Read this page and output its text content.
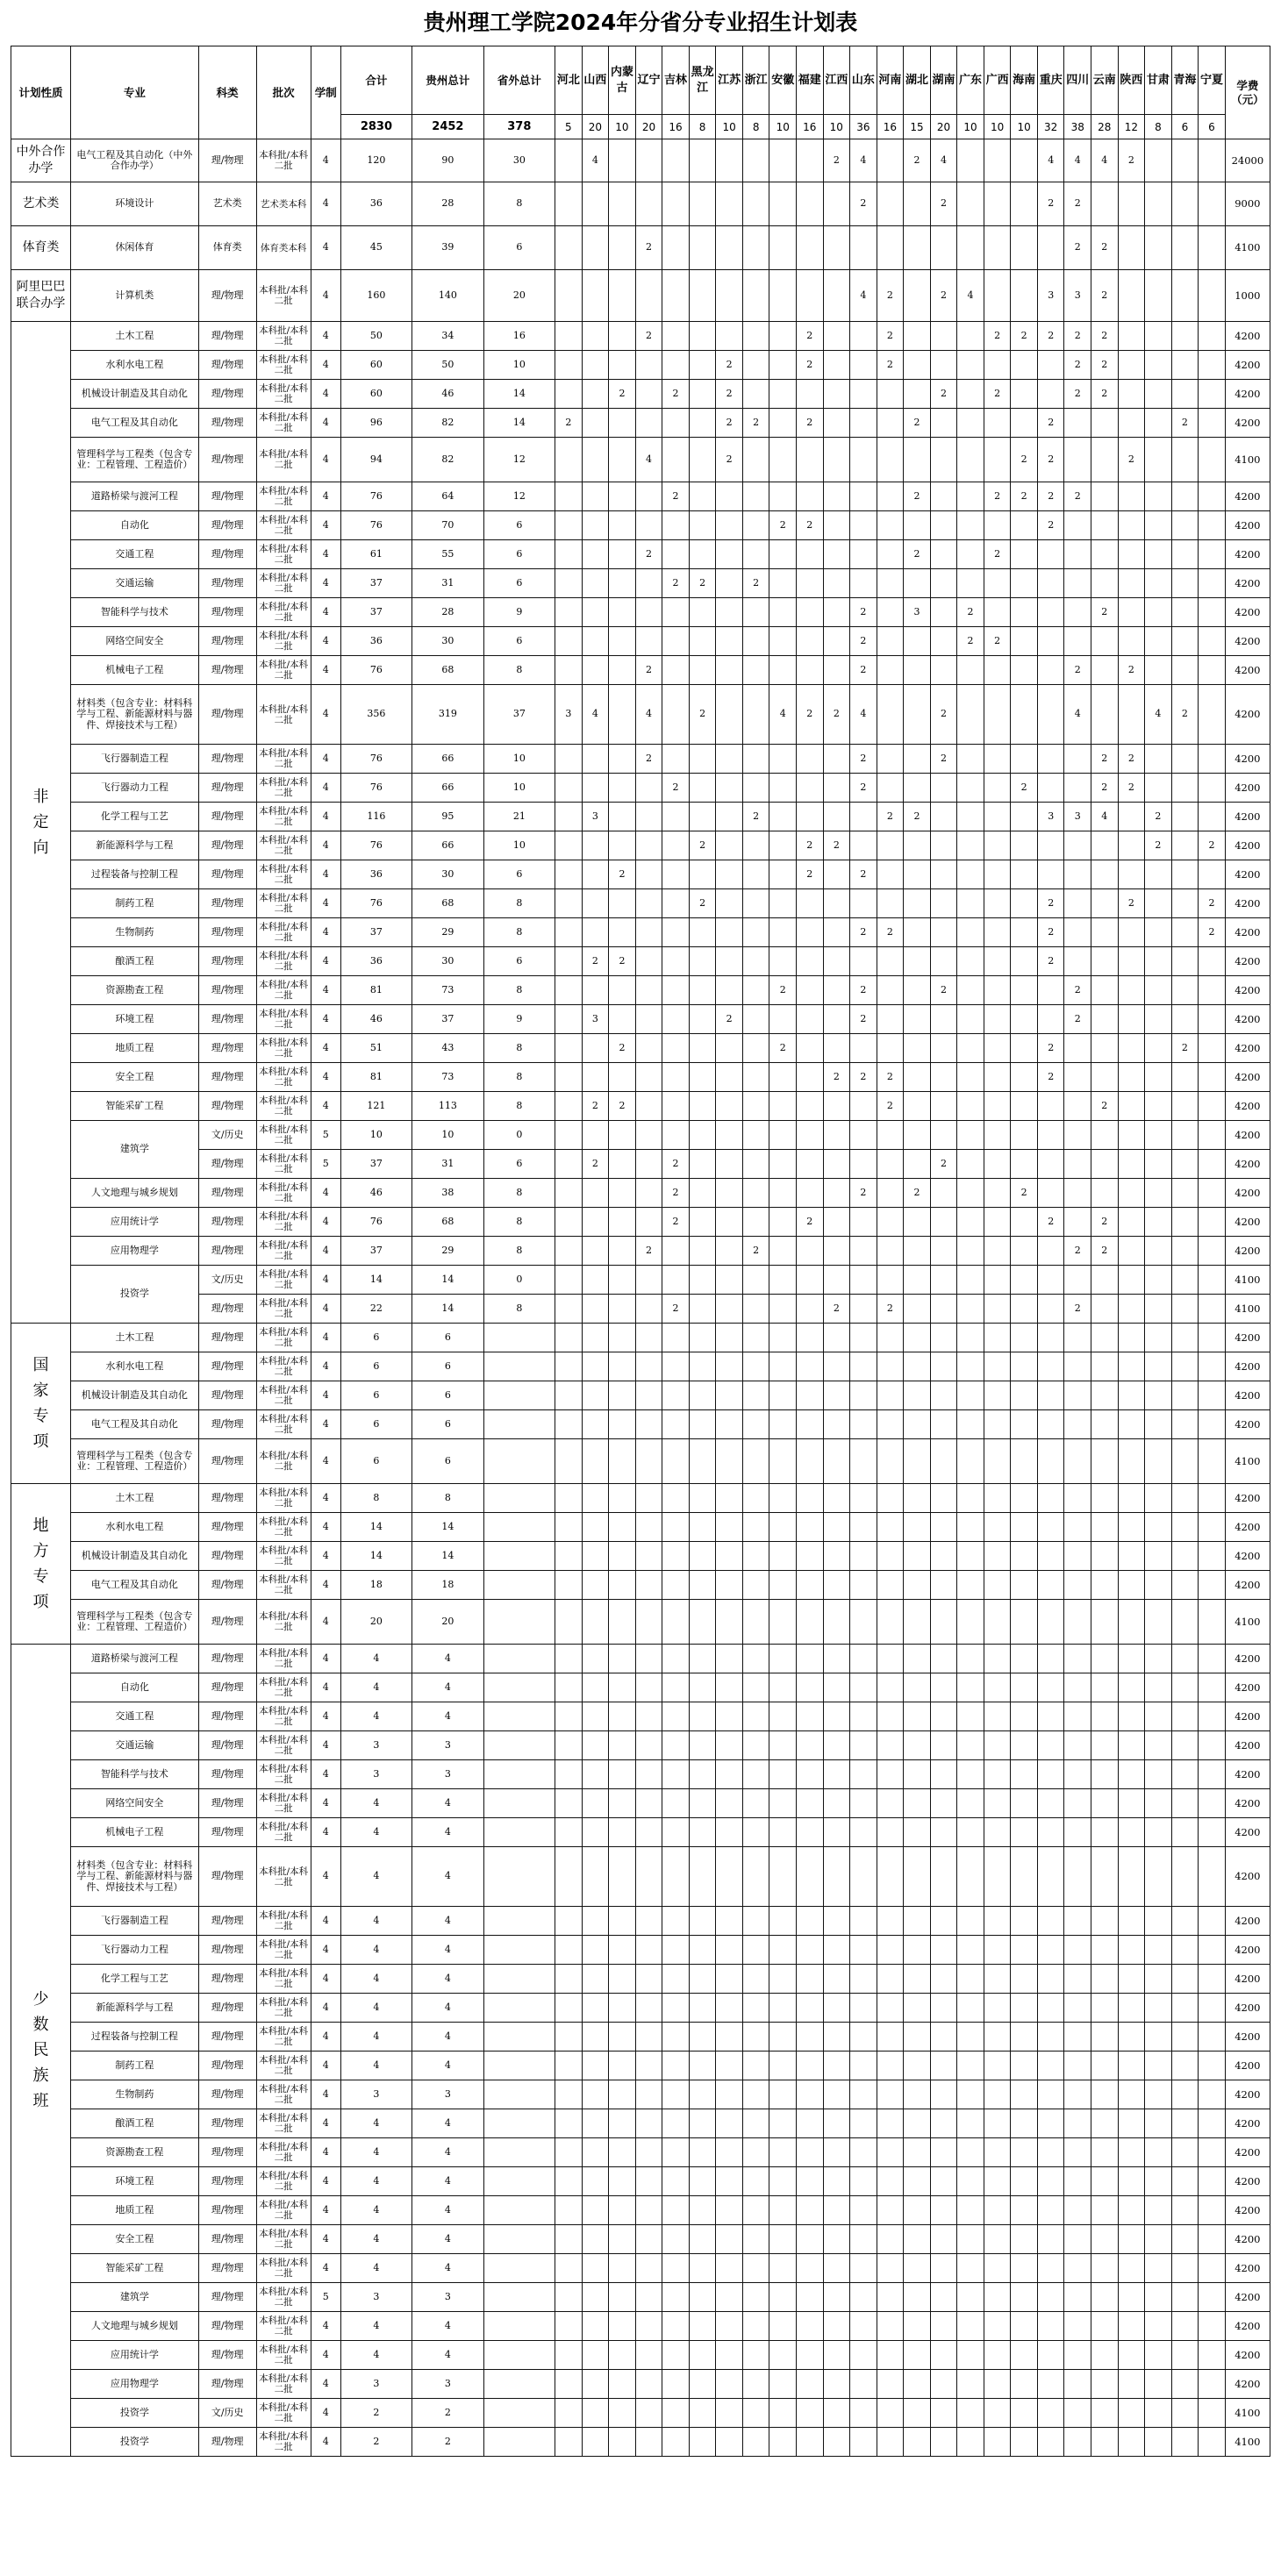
贵州理工学院2024年分省分专业招生计划表
计划性质	专业	科类	批次	学制	合计	贵州总计	省外总计	河北	山西	内蒙古	辽宁	吉林	黑龙江	江苏	浙江	安徽	福建	江西	山东	河南	湖北	湖南	广东	广西	海南	重庆	四川	云南	陕西	甘肃	青海	宁夏	学费（元）
					2830	2452	378	5	20	10	20	16	8	10	8	10	16	10	36	16	15	20	10	10	10	32	38	28	12	8	6	6	
中外合作办学	电气工程及其自动化（中外合作办学）	理/物理	本科批/本科二批	4	120	90	30		4									2	4		2	4				4	4	4	2				24000
艺术类	环境设计	艺术类	艺术类本科	4	36	28	8												2			2				2	2						9000
体育类	休闲体育	体育类	体育类本科	4	45	39	6				2																2	2					4100
阿里巴巴联合办学	计算机类	理/物理	本科批/本科二批	4	160	140	20												4	2		2	4			3	3	2					1000
非定向	土木工程	理/物理	本科批/本科二批	4	50	34	16				2						2			2				2	2	2	2	2					4200
	水利水电工程	理/物理	本科批/本科二批	4	60	50	10							2			2			2							2	2					4200
	机械设计制造及其自动化	理/物理	本科批/本科二批	4	60	46	14			2		2		2								2		2			2	2					4200
	电气工程及其自动化	理/物理	本科批/本科二批	4	96	82	14	2						2	2		2				2					2					2		4200
	管理科学与工程类（包含专业：工程管理、工程造价）	理/物理	本科批/本科二批	4	94	82	12				4			2											2	2			2				4100
	道路桥梁与渡河工程	理/物理	本科批/本科二批	4	76	64	12					2									2			2	2	2	2						4200
	自动化	理/物理	本科批/本科二批	4	76	70	6									2	2									2							4200
	交通工程	理/物理	本科批/本科二批	4	61	55	6				2										2			2									4200
	交通运输	理/物理	本科批/本科二批	4	37	31	6					2	2		2																		4200
	智能科学与技术	理/物理	本科批/本科二批	4	37	28	9												2		3		2					2					4200
	网络空间安全	理/物理	本科批/本科二批	4	36	30	6												2				2	2									4200
	机械电子工程	理/物理	本科批/本科二批	4	76	68	8				2								2								2		2				4200
	材料类（包含专业：材料科学与工程、新能源材料与器件、焊接技术与工程）	理/物理	本科批/本科二批	4	356	319	37	3	4		4		2			4	2	2	4			2					4			4	2		4200
	飞行器制造工程	理/物理	本科批/本科二批	4	76	66	10				2								2			2						2	2				4200
	飞行器动力工程	理/物理	本科批/本科二批	4	76	66	10					2							2						2			2	2				4200
	化学工程与工艺	理/物理	本科批/本科二批	4	116	95	21		3						2					2	2					3	3	4		2			4200
	新能源科学与工程	理/物理	本科批/本科二批	4	76	66	10						2				2	2												2		2	4200
	过程装备与控制工程	理/物理	本科批/本科二批	4	36	30	6			2							2		2														4200
	制药工程	理/物理	本科批/本科二批	4	76	68	8						2													2			2			2	4200
	生物制药	理/物理	本科批/本科二批	4	37	29	8												2	2						2						2	4200
	酿酒工程	理/物理	本科批/本科二批	4	36	30	6		2	2																2							4200
	资源勘查工程	理/物理	本科批/本科二批	4	81	73	8									2			2			2					2						4200
	环境工程	理/物理	本科批/本科二批	4	46	37	9		3					2					2								2						4200
	地质工程	理/物理	本科批/本科二批	4	51	43	8			2						2										2					2		4200
	安全工程	理/物理	本科批/本科二批	4	81	73	8											2	2	2						2							4200
	智能采矿工程	理/物理	本科批/本科二批	4	121	113	8		2	2										2								2					4200
	建筑学	文/历史	本科批/本科二批	5	10	10	0																										4200
		理/物理	本科批/本科二批	5	37	31	6		2			2										2											4200
	人文地理与城乡规划	理/物理	本科批/本科二批	4	46	38	8					2							2		2				2								4200
	应用统计学	理/物理	本科批/本科二批	4	76	68	8					2					2									2		2					4200
	应用物理学	理/物理	本科批/本科二批	4	37	29	8				2				2												2	2					4200
	投资学	文/历史	本科批/本科二批	4	14	14	0																										4100
		理/物理	本科批/本科二批	4	22	14	8					2						2		2							2						4100
国家专项	土木工程	理/物理	本科批/本科二批	4	6	6																											4200
	水利水电工程	理/物理	本科批/本科二批	4	6	6																											4200
	机械设计制造及其自动化	理/物理	本科批/本科二批	4	6	6																											4200
	电气工程及其自动化	理/物理	本科批/本科二批	4	6	6																											4200
	管理科学与工程类（包含专业：工程管理、工程造价）	理/物理	本科批/本科二批	4	6	6																											4100
地方专项	土木工程	理/物理	本科批/本科二批	4	8	8																											4200
	水利水电工程	理/物理	本科批/本科二批	4	14	14																											4200
	机械设计制造及其自动化	理/物理	本科批/本科二批	4	14	14																											4200
	电气工程及其自动化	理/物理	本科批/本科二批	4	18	18																											4200
	管理科学与工程类（包含专业：工程管理、工程造价）	理/物理	本科批/本科二批	4	20	20																											4100
少数民族班	道路桥梁与渡河工程	理/物理	本科批/本科二批	4	4	4																											4200
	自动化	理/物理	本科批/本科二批	4	4	4																											4200
	交通工程	理/物理	本科批/本科二批	4	4	4																											4200
	交通运输	理/物理	本科批/本科二批	4	3	3																											4200
	智能科学与技术	理/物理	本科批/本科二批	4	3	3																											4200
	网络空间安全	理/物理	本科批/本科二批	4	4	4																											4200
	机械电子工程	理/物理	本科批/本科二批	4	4	4																											4200
	材料类（包含专业：材料科学与工程、新能源材料与器件、焊接技术与工程）	理/物理	本科批/本科二批	4	4	4																											4200
	飞行器制造工程	理/物理	本科批/本科二批	4	4	4																											4200
	飞行器动力工程	理/物理	本科批/本科二批	4	4	4																											4200
	化学工程与工艺	理/物理	本科批/本科二批	4	4	4																											4200
	新能源科学与工程	理/物理	本科批/本科二批	4	4	4																											4200
	过程装备与控制工程	理/物理	本科批/本科二批	4	4	4																											4200
	制药工程	理/物理	本科批/本科二批	4	4	4																											4200
	生物制药	理/物理	本科批/本科二批	4	3	3																											4200
	酿酒工程	理/物理	本科批/本科二批	4	4	4																											4200
	资源勘查工程	理/物理	本科批/本科二批	4	4	4																											4200
	环境工程	理/物理	本科批/本科二批	4	4	4																											4200
	地质工程	理/物理	本科批/本科二批	4	4	4																											4200
	安全工程	理/物理	本科批/本科二批	4	4	4																											4200
	智能采矿工程	理/物理	本科批/本科二批	4	4	4																											4200
	建筑学	理/物理	本科批/本科二批	5	3	3																											4200
	人文地理与城乡规划	理/物理	本科批/本科二批	4	4	4																											4200
	应用统计学	理/物理	本科批/本科二批	4	4	4																											4200
	应用物理学	理/物理	本科批/本科二批	4	3	3																											4200
	投资学	文/历史	本科批/本科二批	4	2	2																											4100
	投资学	理/物理	本科批/本科二批	4	2	2																											4100
